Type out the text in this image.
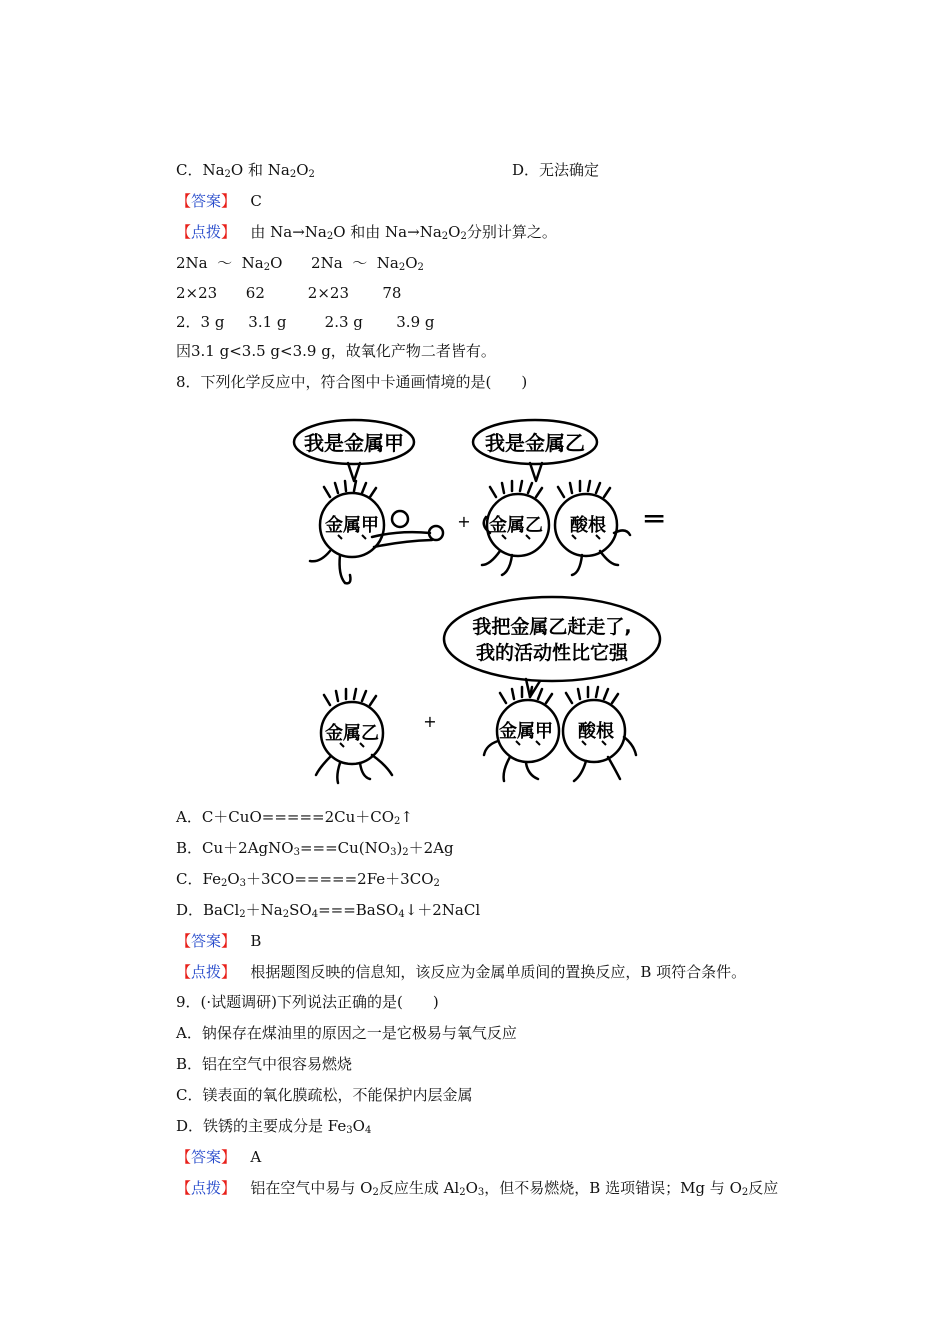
C．$Na_2O$ 和 $Na_2O_2$	D．无法确定
【答案】 C
【点拨】 由 $Na\to Na_2O$ 和由 $Na\to Na_2O_2$分别计算之。
2Na  ～  $Na_2O$      2Na  ～  $Na_2O_2$
2×23      62         2×23       78
2．3 g     3.1 g        2.3 g       3.9 g
因3.1 g<3.5 g<3.9 g，故氧化产物二者皆有。
8．下列化学反应中，符合图中卡通画情境的是(　　)
我是金属甲	我是金属乙
金属甲	金属乙 酸根
+	═
我把金属乙赶走了,
我的活动性比它强
金属乙
+	金属甲 酸根
A．$C+CuO=====2Cu+CO_2↑$
B．$Cu+2AgNO_3===Cu(NO_3)_2+2Ag$
C．$Fe_2O_3+3CO=====2Fe+3CO_2$
D．$BaCl_2+Na_2SO_4===BaSO_4↓+2NaCl$
【答案】 B
【点拨】 根据题图反映的信息知，该反应为金属单质间的置换反应，B 项符合条件。
9．(·试题调研)下列说法正确的是(　　)
A．钠保存在煤油里的原因之一是它极易与氧气反应
B．铝在空气中很容易燃烧
C．镁表面的氧化膜疏松，不能保护内层金属
D．铁锈的主要成分是 $Fe_3O_4$
【答案】 A
【点拨】 铝在空气中易与 $O_2$反应生成 $Al_2O_3$，但不易燃烧，B 选项错误；Mg 与 $O_2$反应
